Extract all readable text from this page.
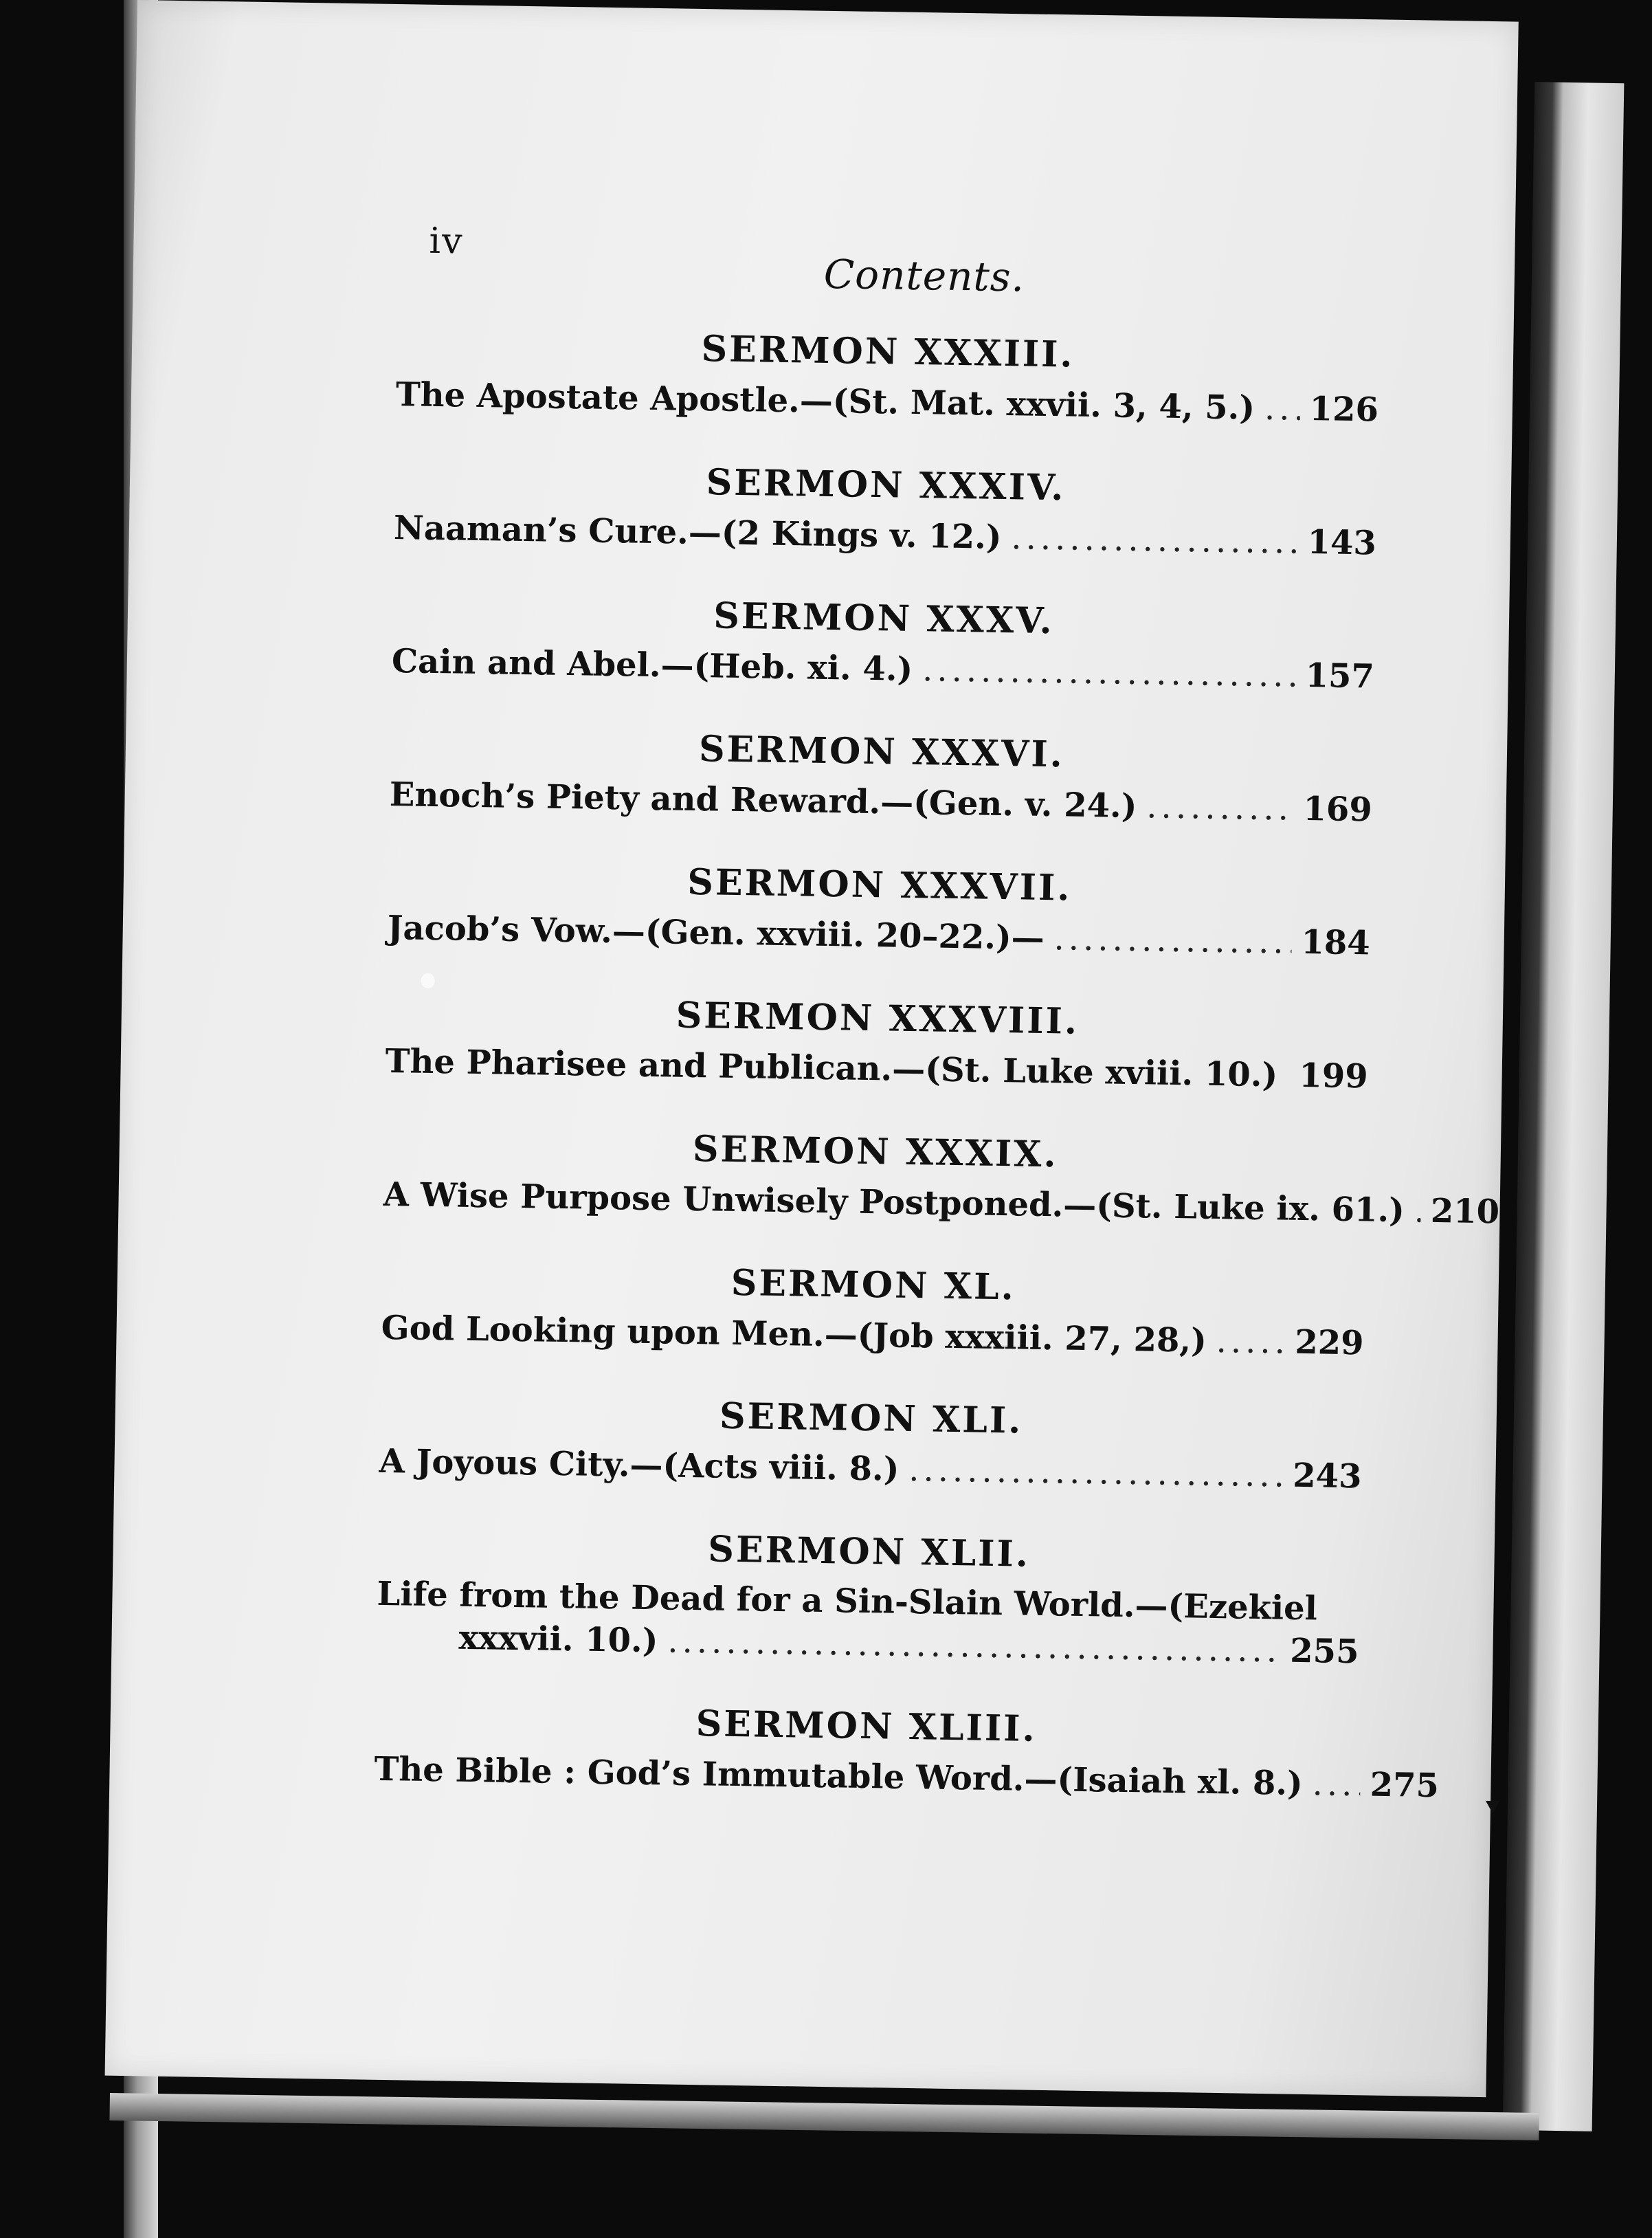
iv
Contents.
SERMON XXXIII.
The Apostate Apostle.—(St. Mat. xxvii. 3, 4, 5.) ..... 126
SERMON XXXIV.
Naaman’s Cure.—(2 Kings v. 12.) .....	143
SERMON XXXV.
Cain and Abel.—(Heb. xi. 4.) .....	157
SERMON XXXVI.
Enoch’s Piety and Reward.—(Gen. v. 24.) .....	169
SERMON XXXVII.
Jacob’s Vow.—(Gen. xxviii. 20–22.)— .....	184
SERMON XXXVIII.
The Pharisee and Publican.—(St. Luke xviii. 10.) ..... 199
SERMON XXXIX.
A Wise Purpose Unwisely Postponed.—(St. Luke ix. 61.) ..... 210
SERMON XL.
God Looking upon Men.—(Job xxxiii. 27, 28,) .....	229
SERMON XLI.
A Joyous City.—(Acts viii. 8.) .....	243
SERMON XLII.
Life from the Dead for a Sin-Slain World.—(Ezekiel
xxxvii. 10.) .....	255
SERMON XLIII.
The Bible : God’s Immutable Word.—(Isaiah xl. 8.) ..... 275
